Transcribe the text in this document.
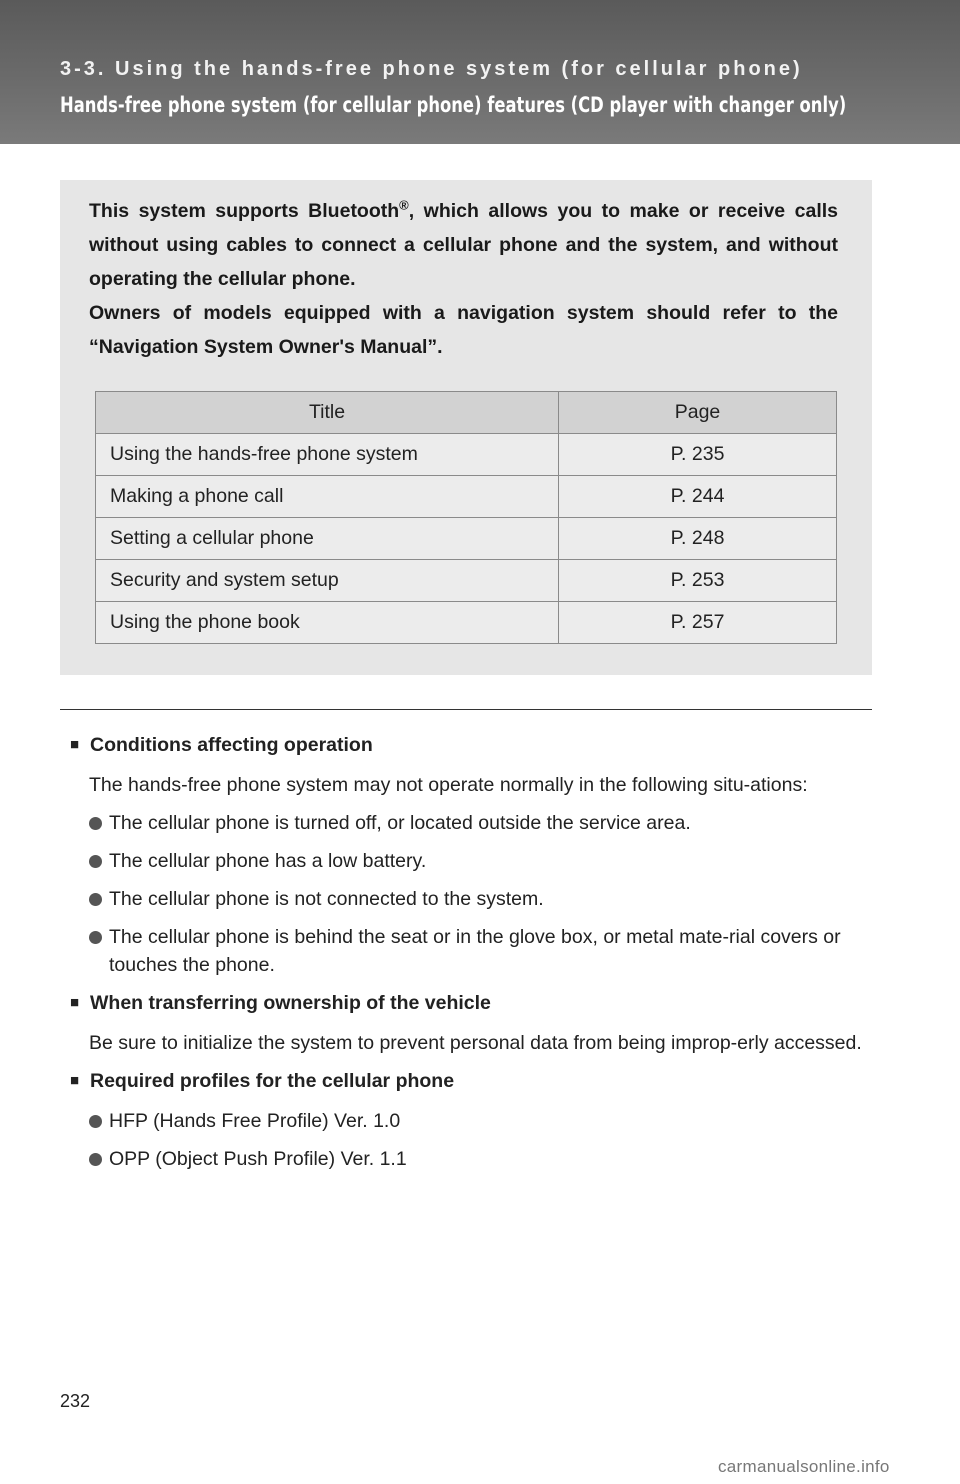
3-3. Using the hands-free phone system (for cellular phone)
Hands-free phone system (for cellular phone) features (CD player with changer only)

This system supports Bluetooth®, which allows you to make or receive calls without using cables to connect a cellular phone and the system, and without operating the cellular phone.

Owners of models equipped with a navigation system should refer to the “Navigation System Owner's Manual”.

Title	Page
Using the hands-free phone system	P. 235
Making a phone call	P. 244
Setting a cellular phone	P. 248
Security and system setup	P. 253
Using the phone book	P. 257
■ Conditions affecting operation
The hands-free phone system may not operate normally in the following situ-ations:
The cellular phone is turned off, or located outside the service area.
The cellular phone has a low battery.
The cellular phone is not connected to the system.
The cellular phone is behind the seat or in the glove box, or metal mate-rial covers or touches the phone.
■ When transferring ownership of the vehicle
Be sure to initialize the system to prevent personal data from being improp-erly accessed.
■ Required profiles for the cellular phone
HFP (Hands Free Profile) Ver. 1.0
OPP (Object Push Profile) Ver. 1.1
232
carmanualsonline.info
